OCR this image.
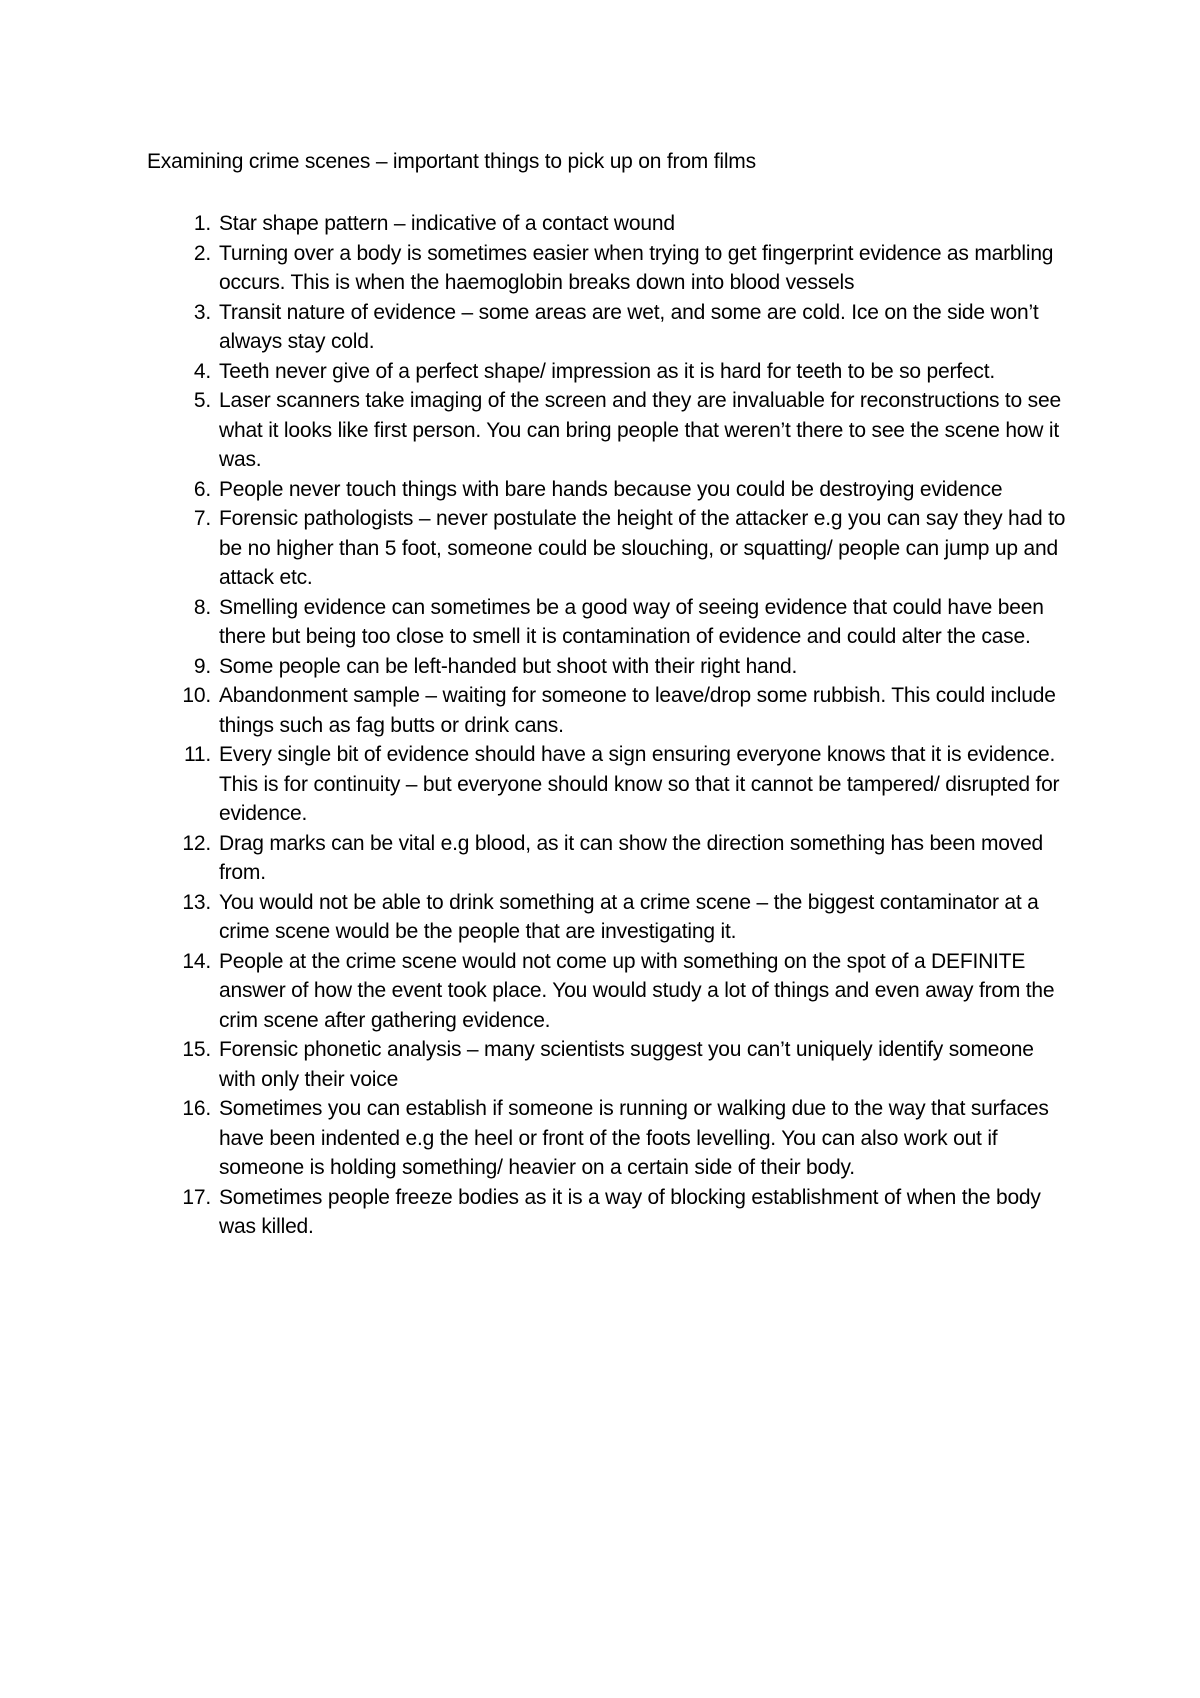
Examining crime scenes – important things to pick up on from films
1. Star shape pattern – indicative of a contact wound
2. Turning over a body is sometimes easier when trying to get fingerprint evidence as marbling occurs. This is when the haemoglobin breaks down into blood vessels
3. Transit nature of evidence – some areas are wet, and some are cold. Ice on the side won’t always stay cold.
4. Teeth never give of a perfect shape/ impression as it is hard for teeth to be so perfect.
5. Laser scanners take imaging of the screen and they are invaluable for reconstructions to see what it looks like first person. You can bring people that weren’t there to see the scene how it was.
6. People never touch things with bare hands because you could be destroying evidence
7. Forensic pathologists – never postulate the height of the attacker e.g you can say they had to be no higher than 5 foot, someone could be slouching, or squatting/ people can jump up and attack etc.
8. Smelling evidence can sometimes be a good way of seeing evidence that could have been there but being too close to smell it is contamination of evidence and could alter the case.
9. Some people can be left-handed but shoot with their right hand.
10. Abandonment sample – waiting for someone to leave/drop some rubbish. This could include things such as fag butts or drink cans.
11. Every single bit of evidence should have a sign ensuring everyone knows that it is evidence. This is for continuity – but everyone should know so that it cannot be tampered/ disrupted for evidence.
12. Drag marks can be vital e.g blood, as it can show the direction something has been moved from.
13. You would not be able to drink something at a crime scene – the biggest contaminator at a crime scene would be the people that are investigating it.
14. People at the crime scene would not come up with something on the spot of a DEFINITE answer of how the event took place. You would study a lot of things and even away from the crim scene after gathering evidence.
15. Forensic phonetic analysis – many scientists suggest you can’t uniquely identify someone with only their voice
16. Sometimes you can establish if someone is running or walking due to the way that surfaces have been indented e.g the heel or front of the foots levelling. You can also work out if someone is holding something/ heavier on a certain side of their body.
17. Sometimes people freeze bodies as it is a way of blocking establishment of when the body was killed.
